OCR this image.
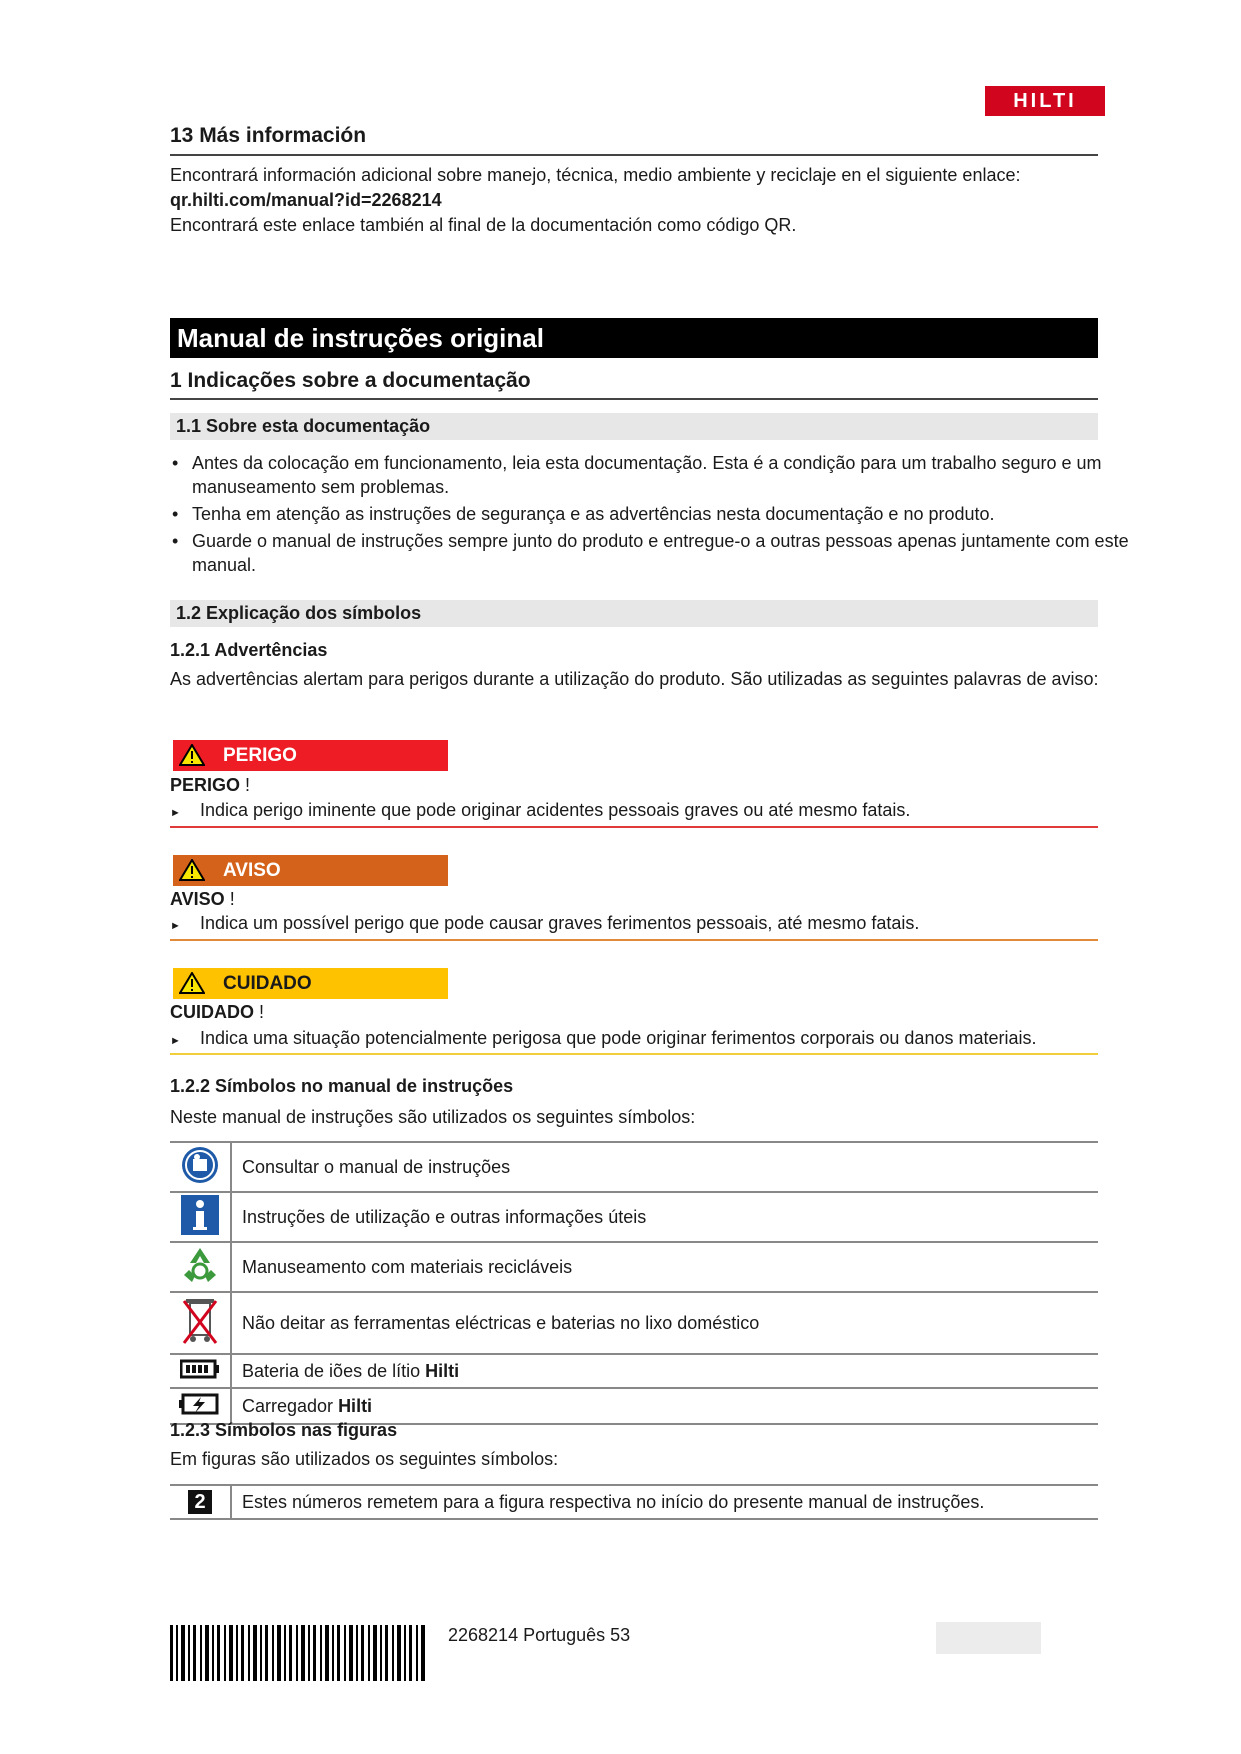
HILTI
13 Más información
Encontrará información adicional sobre manejo, técnica, medio ambiente y reciclaje en el siguiente enlace:
qr.hilti.com/manual?id=2268214
Encontrará este enlace también al final de la documentación como código QR.
Manual de instruções original
1 Indicações sobre a documentação
1.1 Sobre esta documentação
• Antes da colocação em funcionamento, leia esta documentação. Esta é a condição para um trabalho seguro e um manuseamento sem problemas.
• Tenha em atenção as instruções de segurança e as advertências nesta documentação e no produto.
• Guarde o manual de instruções sempre junto do produto e entregue-o a outras pessoas apenas juntamente com este manual.
1.2 Explicação dos símbolos
1.2.1 Advertências
As advertências alertam para perigos durante a utilização do produto. São utilizadas as seguintes palavras de aviso:
PERIGO
PERIGO !
► Indica perigo iminente que pode originar acidentes pessoais graves ou até mesmo fatais.
AVISO
AVISO !
► Indica um possível perigo que pode causar graves ferimentos pessoais, até mesmo fatais.
CUIDADO
CUIDADO !
► Indica uma situação potencialmente perigosa que pode originar ferimentos corporais ou danos materiais.
1.2.2 Símbolos no manual de instruções
Neste manual de instruções são utilizados os seguintes símbolos:
	Consultar o manual de instruções
	Instruções de utilização e outras informações úteis
	Manuseamento com materiais recicláveis
	Não deitar as ferramentas eléctricas e baterias no lixo doméstico
	Bateria de iões de lítio Hilti
	Carregador Hilti
1.2.3 Símbolos nas figuras
Em figuras são utilizados os seguintes símbolos:
2	Estes números remetem para a figura respectiva no início do presente manual de instruções.
2268214 Português 53
